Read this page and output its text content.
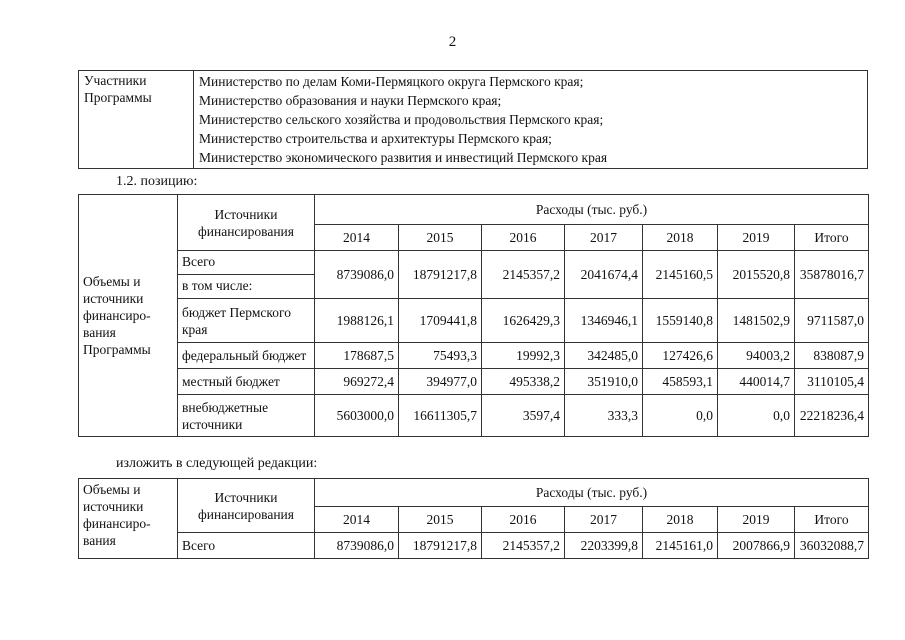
2
Участники Программы	
Министерство по делам Коми-Пермяцкого округа Пермского края;
Министерство образования и науки Пермского края;
Министерство сельского хозяйства и продовольствия Пермского края;
Министерство строительства и архитектуры Пермского края;
Министерство экономического развития и инвестиций Пермского края
1.2. позицию:
Объемы и источники финансиро-вания Программы	Источники финансирования	Расходы (тыс. руб.)						
		2014	2015	2016	2017	2018	2019	Итого
	Всего	8739086,0	18791217,8	2145357,2	2041674,4	2145160,5	2015520,8	35878016,7
	в том числе:							
	бюджет Пермского края	1988126,1	1709441,8	1626429,3	1346946,1	1559140,8	1481502,9	9711587,0
	федеральный бюджет	178687,5	75493,3	19992,3	342485,0	127426,6	94003,2	838087,9
	местный бюджет	969272,4	394977,0	495338,2	351910,0	458593,1	440014,7	3110105,4
	внебюджетные источники	5603000,0	16611305,7	3597,4	333,3	0,0	0,0	22218236,4
изложить в следующей редакции:
Объемы и источники финансиро-вания	Источники финансирования	Расходы (тыс. руб.)						
		2014	2015	2016	2017	2018	2019	Итого
	Всего	8739086,0	18791217,8	2145357,2	2203399,8	2145161,0	2007866,9	36032088,7
